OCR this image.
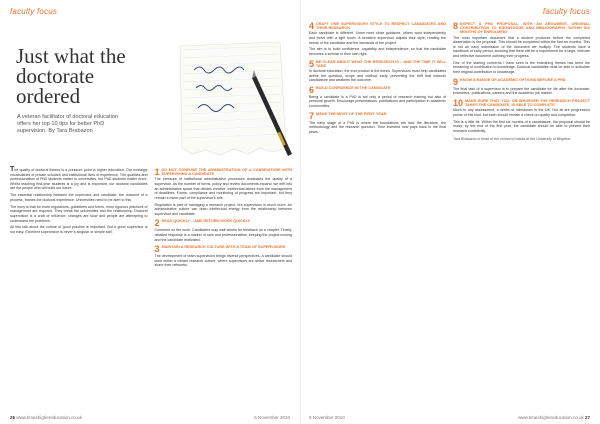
faculty focus
Just what the doctorate ordered
A veteran facilitator of doctoral education offers her top 10 tips for better PhD supervision. By Tara Brabazon

The quality of doctoral theses is a pressure point in higher education. Our nostalgic vocabularies of private scholars and institutional lives of experience. The qualities and professionalism of PhD students matter to universities, but PhD students matter more. Whilst teaching first-year students is a joy and is important, our doctoral candidates are the people who will build our future.

The essential relationship between the supervisor and candidate, the outcome of a process, frames the doctoral experience. Universities need to be alert to this.

The irony is that for more regulations, guidelines and forms, more rigorous practices of management are required. They break the universities and the relationship. Doctoral supervision is a craft of influence, changes are slow and people are attempting to understand the problems.

All this talk about the culture of good practice is important. But a good supervisor is not easy. Excellent supervision is never a singular or simple skill.

1 DO NOT CONFUSE THE ADMINISTRATION OF A CANDIDATURE WITH SUPERVISING A CANDIDATE

The pressure of institutional administrative processes dominates the quality of a supervisor. As the number of forms, policy and review documents expand, we drift into an administrative space that divides creative, intellectual labour from the management of deadlines. Forms, compliance and monitoring of progress are important, but they remain a minor part of the supervisor's role.

Regulation is part of managing a research project, but supervision is much more. An administrative culture can drain intellectual energy from the relationship between supervisor and candidate.

2 READ QUICKLY – AND RETURN WORK QUICKLY

Comment on the work. Candidates may wait weeks for feedback on a chapter. Timely, detailed response is a marker of care and professionalism, keeping the project moving and the candidate motivated.

3 MAINTAIN A RESEARCH CULTURE WITH A TEAM OF SUPERVISORS

The development of team supervision brings diverse perspectives. A candidate should work within a vibrant research culture, where supervisors are active researchers and share their networks.

26 www.timeshighereducation.co.uk	5 November 2010
faculty focus
4 CRAFT ONE SUPERVISORY STYLE TO RESPECT CANDIDATES AND THEIR RESEARCH

Each candidate is different. Some need close guidance, others work independently and thrive with a light touch. A sensitive supervisor adjusts their style, reading the needs of the candidate and the demands of the project.

The aim is to build confidence, capability and independence, so that the candidate becomes a scholar in their own right.

5 BE CLEAR ABOUT WHAT THE RESEARCH IS – AND THE TIME IT WILL TAKE

In doctoral education, the end product is the thesis. Supervisors must help candidates define the question, scope and method early, preventing the drift that extends candidature and weakens the outcome.

6 BUILD CONFIDENCE IN THE CANDIDATE

Being a candidate is a PhD is not only a period of research training but also of personal growth. Encourage presentations, publications and participation in academic communities.

7 MAKE THE MOST OF THE FIRST YEAR

The early stage of a PhD is where the foundations are laid: the literature, the methodology and the research question. Time invested now pays back in the final years.

8 EXPECT A PHD PROPOSAL, WITH AN ARGUMENT, ORIGINAL CONTRIBUTION TO KNOWLEDGE AND BIBLIOGRAPHY, WITHIN SIX MONTHS OF ENROLMENT

The most important document that a student produces before the completed dissertation is the proposal. This should be completed within the first six months. This is not an early submission of the document we multiply. The students have a handbook of early period, knowing that there will be a requirement for a large, intricate and reflective document outlining their progress.

One of the starting concerns I have seen is the examining theses has been the remaining of contribution to knowledge. Doctoral candidates must be able to articulate their original contribution to knowledge.

9 KNOW A RANGE OF ACADEMIC OPTIONS BEFORE A PHD

The final task of a supervisor is to prepare the candidate for life after the doctorate: examiners, publications, careers and the academic job market.

10 MAKE SURE THAT YOU, OR WHOEVER THE RESEARCH PROJECT TAKES THE CANDIDATE, IS ABLE TO COMPLETE

Much to any assessment, a series of milestones in the UK. Not all are progression points of this kind, but each should remain a check on quality and completion.

This is a little bit. Within the first six months of a candidature, the proposal should be ready; by the end of the first year, the candidate should be able to present their research confidently.

Tara Brabazon is head of the school of media at the University of Brighton.

5 November 2010	www.timeshighereducation.co.uk 27
